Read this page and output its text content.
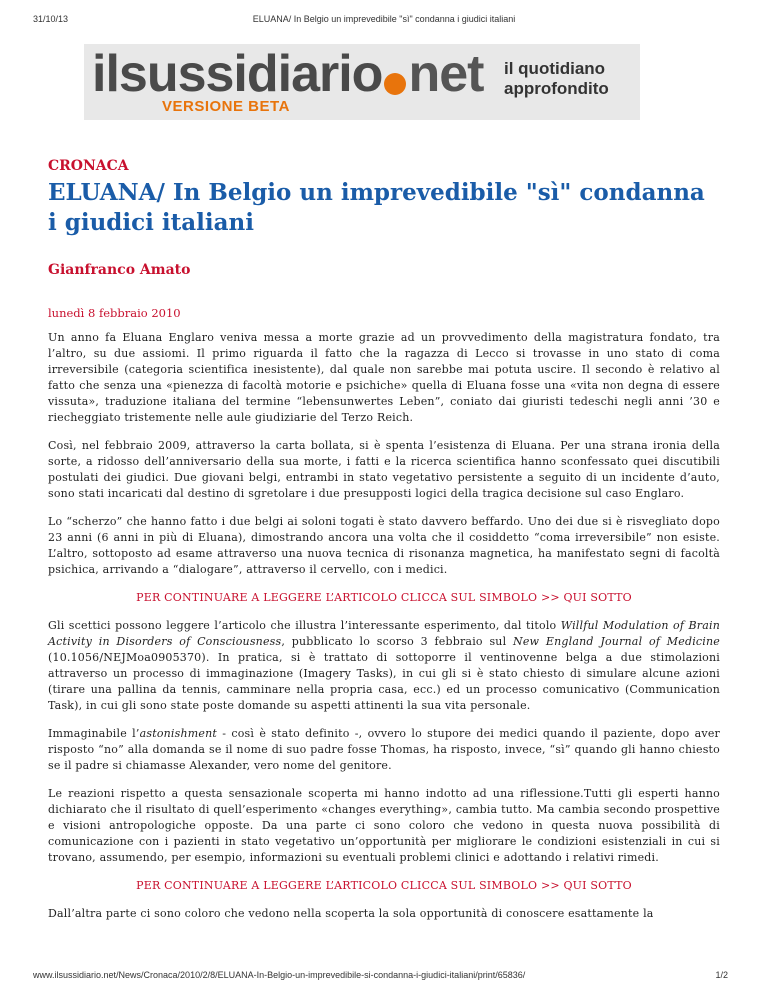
31/10/13	ELUANA/ In Belgio un imprevedibile "sì" condanna i giudici italiani
ilsussidiario net
VERSIONE BETA
il quotidiano
approfondito
CRONACA
ELUANA/ In Belgio un imprevedibile "sì" condanna i giudici italiani
Gianfranco Amato
lunedì 8 febbraio 2010

Un anno fa Eluana Englaro veniva messa a morte grazie ad un provvedimento della magistratura fondato, tra l’altro, su due assiomi. Il primo riguarda il fatto che la ragazza di Lecco si trovasse in uno stato di coma irreversibile (categoria scientifica inesistente), dal quale non sarebbe mai potuta uscire. Il secondo è relativo al fatto che senza una «pienezza di facoltà motorie e psichiche» quella di Eluana fosse una «vita non degna di essere vissuta», traduzione italiana del termine “lebensunwertes Leben”, coniato dai giuristi tedeschi negli anni ’30 e riecheggiato tristemente nelle aule giudiziarie del Terzo Reich.

Così, nel febbraio 2009, attraverso la carta bollata, si è spenta l’esistenza di Eluana. Per una strana ironia della sorte, a ridosso dell’anniversario della sua morte, i fatti e la ricerca scientifica hanno sconfessato quei discutibili postulati dei giudici. Due giovani belgi, entrambi in stato vegetativo persistente a seguito di un incidente d’auto, sono stati incaricati dal destino di sgretolare i due presupposti logici della tragica decisione sul caso Englaro.

Lo “scherzo” che hanno fatto i due belgi ai soloni togati è stato davvero beffardo. Uno dei due si è risvegliato dopo 23 anni (6 anni in più di Eluana), dimostrando ancora una volta che il cosiddetto “coma irreversibile” non esiste. L’altro, sottoposto ad esame attraverso una nuova tecnica di risonanza magnetica, ha manifestato segni di facoltà psichica, arrivando a “dialogare”, attraverso il cervello, con i medici.

PER CONTINUARE A LEGGERE L’ARTICOLO CLICCA SUL SIMBOLO >> QUI SOTTO

Gli scettici possono leggere l’articolo che illustra l’interessante esperimento, dal titolo Willful Modulation of Brain Activity in Disorders of Consciousness, pubblicato lo scorso 3 febbraio sul New England Journal of Medicine (10.1056/NEJMoa0905370). In pratica, si è trattato di sottoporre il ventinovenne belga a due stimolazioni attraverso un processo di immaginazione (Imagery Tasks), in cui gli si è stato chiesto di simulare alcune azioni (tirare una pallina da tennis, camminare nella propria casa, ecc.) ed un processo comunicativo (Communication Task), in cui gli sono state poste domande su aspetti attinenti la sua vita personale.

Immaginabile l’astonishment - così è stato definito -, ovvero lo stupore dei medici quando il paziente, dopo aver risposto “no” alla domanda se il nome di suo padre fosse Thomas, ha risposto, invece, “sì” quando gli hanno chiesto se il padre si chiamasse Alexander, vero nome del genitore.

Le reazioni rispetto a questa sensazionale scoperta mi hanno indotto ad una riflessione.Tutti gli esperti hanno dichiarato che il risultato di quell’esperimento «changes everything», cambia tutto. Ma cambia secondo prospettive e visioni antropologiche opposte. Da una parte ci sono coloro che vedono in questa nuova possibilità di comunicazione con i pazienti in stato vegetativo un’opportunità per migliorare le condizioni esistenziali in cui si trovano, assumendo, per esempio, informazioni su eventuali problemi clinici e adottando i relativi rimedi.

PER CONTINUARE A LEGGERE L’ARTICOLO CLICCA SUL SIMBOLO >> QUI SOTTO

Dall’altra parte ci sono coloro che vedono nella scoperta la sola opportunità di conoscere esattamente la

www.ilsussidiario.net/News/Cronaca/2010/2/8/ELUANA-In-Belgio-un-imprevedibile-si-condanna-i-giudici-italiani/print/65836/	1/2
